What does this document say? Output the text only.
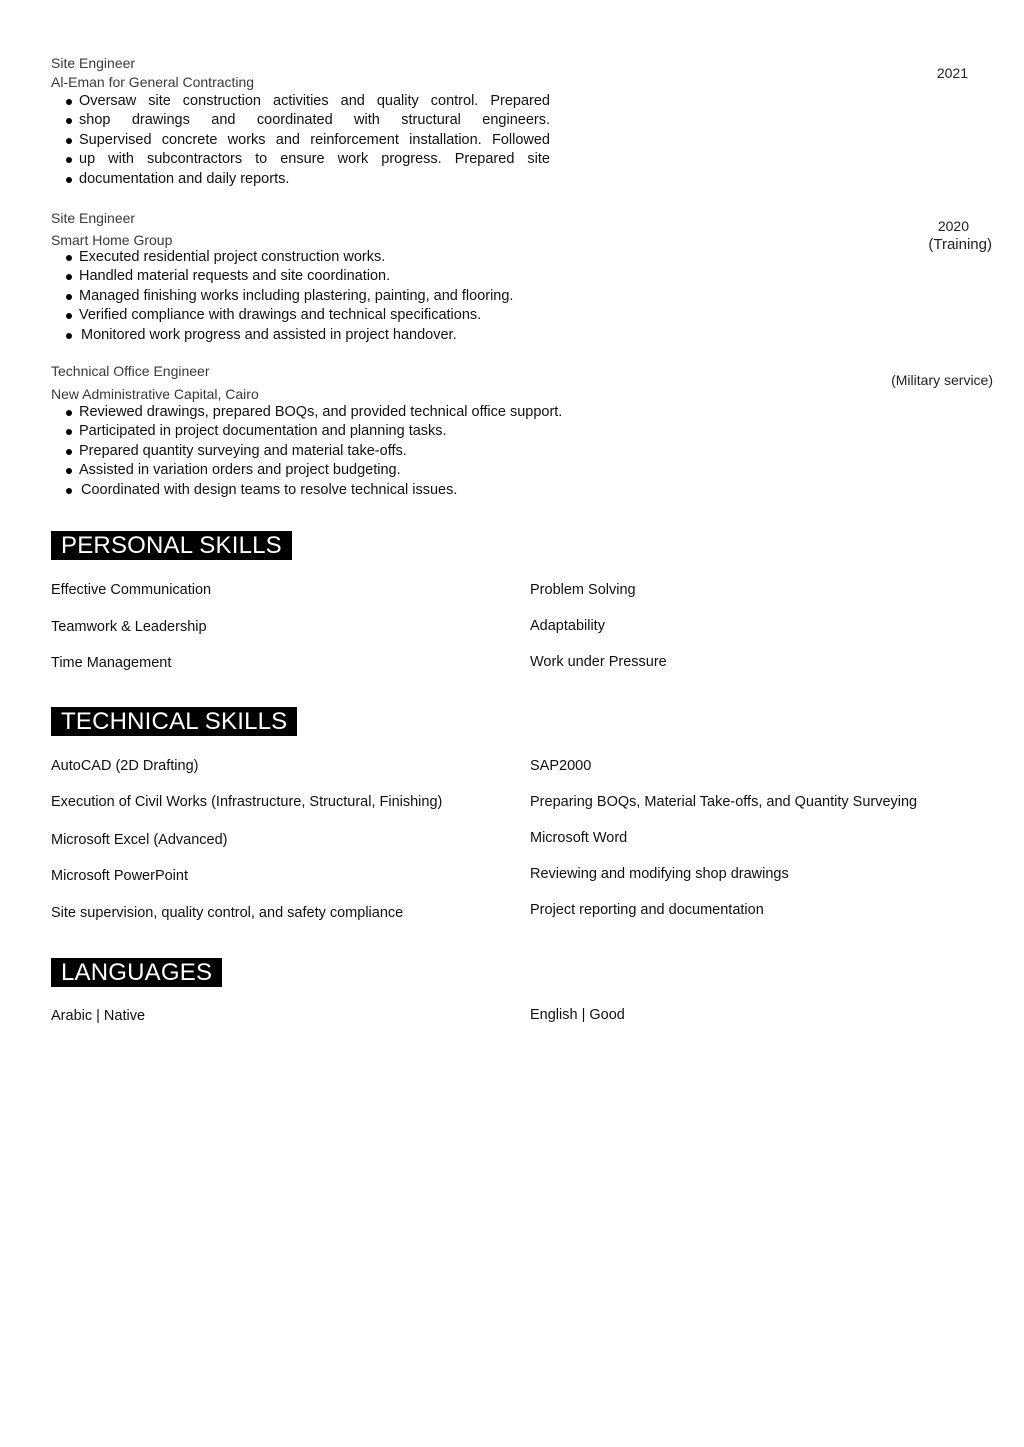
Site Engineer
Al-Eman for General Contracting
2021
Oversaw site construction activities and quality control. Prepared
shop drawings and coordinated with structural engineers.
Supervised concrete works and reinforcement installation. Followed
up with subcontractors to ensure work progress. Prepared site
documentation and daily reports.
Site Engineer
Smart Home Group
2020
(Training)
Executed residential project construction works.
Handled material requests and site coordination.
Managed finishing works including plastering, painting, and flooring.
Verified compliance with drawings and technical specifications.
Monitored work progress and assisted in project handover.
Technical Office Engineer
New Administrative Capital, Cairo
(Military service)
Reviewed drawings, prepared BOQs, and provided technical office support.
Participated in project documentation and planning tasks.
Prepared quantity surveying and material take-offs.
Assisted in variation orders and project budgeting.
Coordinated with design teams to resolve technical issues.
PERSONAL SKILLS
Effective Communication	Problem Solving
Teamwork & Leadership	Adaptability
Time Management	Work under Pressure
TECHNICAL SKILLS
AutoCAD (2D Drafting)	SAP2000
Execution of Civil Works (Infrastructure, Structural, Finishing)	Preparing BOQs, Material Take-offs, and Quantity Surveying
Microsoft Excel (Advanced)	Microsoft Word
Microsoft PowerPoint	Reviewing and modifying shop drawings
Site supervision, quality control, and safety compliance	Project reporting and documentation
LANGUAGES
Arabic | Native	English | Good
